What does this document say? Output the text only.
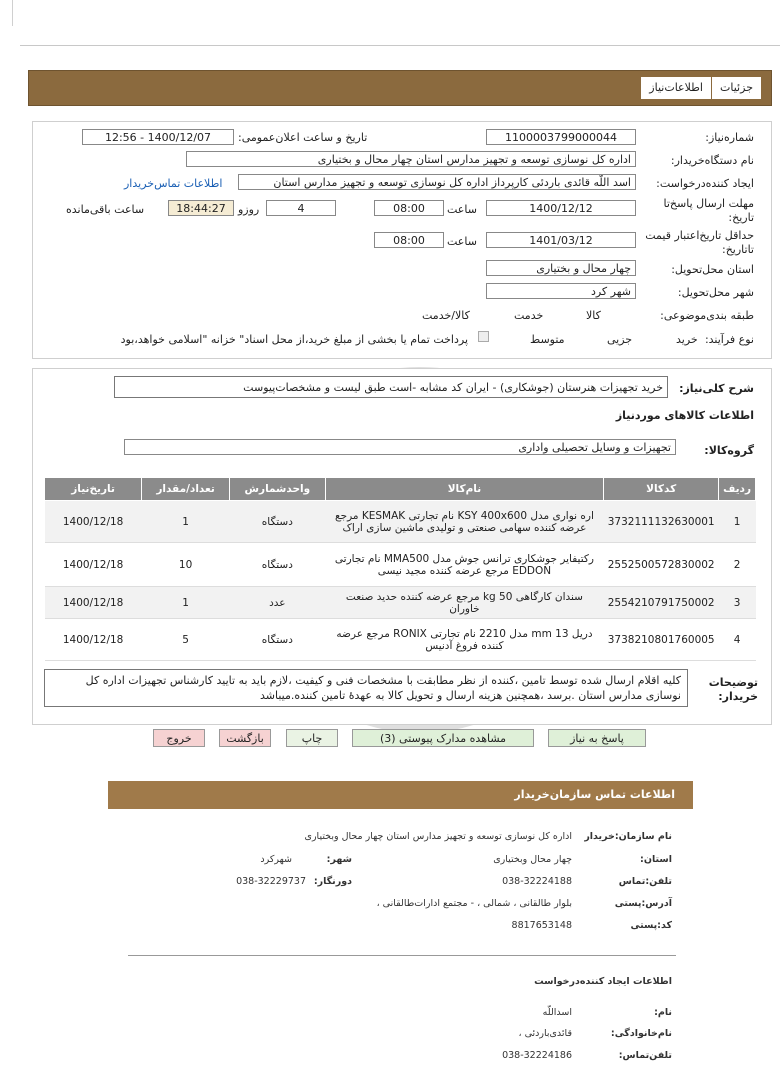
جزئیات
اطلاعات‌نیاز
شماره‌نیاز:
1100003799000044
تاریخ و ساعت اعلان‌عمومی:
1400/12/07 - 12:56
نام دستگاه‌خریدار:
اداره کل نوسازی توسعه و تجهیز مدارس استان چهار محال و بختیاری
ایجاد کننده‌درخواست:
اسد اللّه قائدی باردئی کارپرداز اداره کل نوسازی توسعه و تجهیز مدارس استان
اطلاعات تماس‌خریدار
مهلت ارسال پاسخ‌تا تاریخ:
1400/12/12
ساعت
08:00
4
روزو
18:44:27
ساعت باقی‌مانده
حداقل تاریخ‌اعتبار قیمت تا‌تاریخ:
1401/03/12
ساعت
08:00
استان محل‌تحویل:
چهار محال و بختیاری
شهر محل‌تحویل:
شهر کرد
طبقه بندی‌موضوعی:

کالا

خدمت

کالا/خدمت
نوع فرآیند:
خرید

جزیی
متوسط
پرداخت تمام یا بخشی از مبلغ خرید،از محل اسناد" خزانه "اسلامی خواهد،بود
شرح کلی‌نیاز:
خرید تجهیزات هنرستان (جوشکاری) - ایران کد مشابه -است طبق لیست و مشخصات‌پیوست
اطلاعات کالاهای موردنیاز
گروه‌کالا:
تجهیزات و وسایل تحصیلی واداری
ردیف	کدکالا	نام‌کالا	واحدشمارش	تعداد/مقدار	تاریخ‌نیاز
1	3732111132630001	اره نواری مدل KSY 400x600 نام تجارتی KESMAK مرجع عرضه کننده سهامی صنعتی و تولیدی ماشین سازی اراک	دستگاه	1	1400/12/18
2	2552500572830002	رکتیفایر جوشکاری ترانس جوش مدل MMA500 نام تجارتی EDDON مرجع عرضه کننده مجید نیسی	دستگاه	10	1400/12/18
3	2554210791750002	سندان کارگاهی 50 kg مرجع عرضه کننده حدید صنعت خاوران	عدد	1	1400/12/18
4	3738210801760005	دریل 13 mm مدل 2210 نام تجارتی RONIX مرجع عرضه کننده فروغ آدنیس	دستگاه	5	1400/12/18
توضیحات خریدار:
کلیه اقلام ارسال شده توسط تامین ،کننده از نظر مطابقت با مشخصات فنی و کیفیت ،لازم باید به تایید کارشناس تجهیزات اداره کل نوسازی مدارس استان .برسد ،همچنین هزینه ارسال و تحویل کالا به عهدهٔ تامین کننده.میباشد
پاسخ به نیاز
مشاهده مدارک پیوستی (3)
چاپ
بازگشت
خروج
اطلاعات تماس سازمان‌خریدار
نام سازمان:خریدار
اداره کل نوسازی توسعه و تجهیز مدارس استان چهار محال وبختیاری
استان:
چهار محال وبختیاری
شهر:
شهرکرد
تلفن:تماس
038-32224188
دورنگار:
038-32229737
آدرس:پستی
بلوار طالقانی ، شمالی ، - مجتمع ادارات‌طالقانی ،
کد:پستی
8817653148
اطلاعات ایجاد کننده‌درخواست
نام:
اسداللّه
نام‌خانوادگی:
قائدی‌باردئی ،
تلفن‌تماس:
038-32224186
